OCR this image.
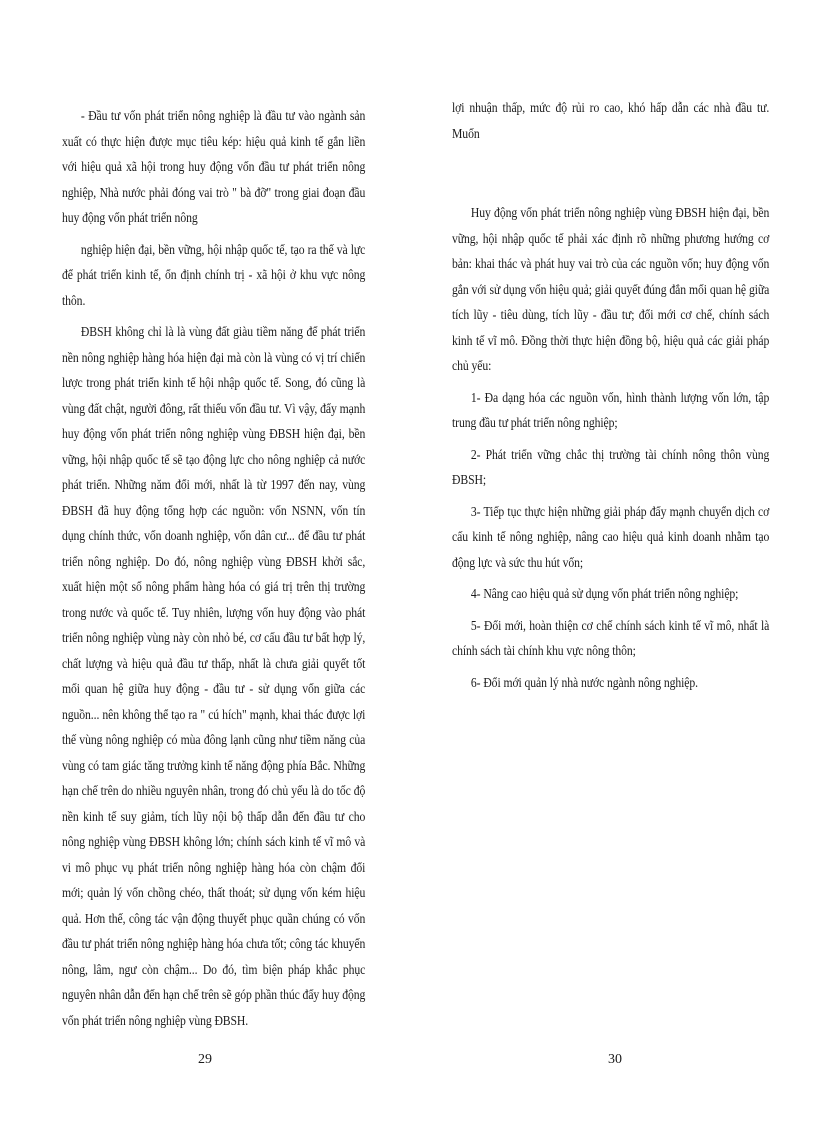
- Đầu tư vốn phát triển nông nghiệp là đầu tư vào ngành sản xuất có thực hiện được mục tiêu kép: hiệu quả kinh tế gắn liền với hiệu quả xã hội trong huy động vốn đầu tư phát triển nông nghiệp, Nhà nước phải đóng vai trò " bà đỡ" trong giai đoạn đầu huy động vốn phát triển nông

nghiệp hiện đại, bền vững, hội nhập quốc tế, tạo ra thế và lực để phát triển kinh tế, ổn định chính trị - xã hội ở khu vực nông thôn.

ĐBSH không chỉ là là vùng đất giàu tiềm năng để phát triển nền nông nghiệp hàng hóa hiện đại mà còn là vùng có vị trí chiến lược trong phát triển kinh tế hội nhập quốc tế. Song, đó cũng là vùng đất chật, người đông, rất thiếu vốn đầu tư. Vì vậy, đẩy mạnh huy động vốn phát triển nông nghiệp vùng ĐBSH hiện đại, bền vững, hội nhập quốc tế sẽ tạo động lực cho nông nghiệp cả nước phát triển. Những năm đổi mới, nhất là từ 1997 đến nay, vùng ĐBSH đã huy động tổng hợp các nguồn: vốn NSNN, vốn tín dụng chính thức, vốn doanh nghiệp, vốn dân cư... để đầu tư phát triển nông nghiệp. Do đó, nông nghiệp vùng ĐBSH khởi sắc, xuất hiện một số nông phẩm hàng hóa có giá trị trên thị trường trong nước và quốc tế. Tuy nhiên, lượng vốn huy động vào phát triển nông nghiệp vùng này còn nhỏ bé, cơ cấu đầu tư bất hợp lý, chất lượng và hiệu quả đầu tư thấp, nhất là chưa giải quyết tốt mối quan hệ giữa huy động - đầu tư - sử dụng vốn giữa các nguồn... nên không thể tạo ra " cú hích" mạnh, khai thác được lợi thế vùng nông nghiệp có mùa đông lạnh cũng như tiềm năng của vùng có tam giác tăng trưởng kinh tế năng động phía Bắc. Những hạn chế trên do nhiều nguyên nhân, trong đó chủ yếu là do tốc độ nền kinh tế suy giảm, tích lũy nội bộ thấp dẫn đến đầu tư cho nông nghiệp vùng ĐBSH không lớn; chính sách kinh tế vĩ mô và vi mô phục vụ phát triển nông nghiệp hàng hóa còn chậm đổi mới; quản lý vốn chồng chéo, thất thoát; sử dụng vốn kém hiệu quả. Hơn thế, công tác vận động thuyết phục quần chúng có vốn đầu tư phát triển nông nghiệp hàng hóa chưa tốt; công tác khuyến nông, lâm, ngư còn chậm... Do đó, tìm biện pháp khắc phục nguyên nhân dẫn đến hạn chế trên sẽ góp phần thúc đẩy huy động vốn phát triển nông nghiệp vùng ĐBSH.

lợi nhuận thấp, mức độ rủi ro cao, khó hấp dẫn các nhà đầu tư. Muốn

Huy động vốn phát triển nông nghiệp vùng ĐBSH hiện đại, bền vững, hội nhập quốc tế phải xác định rõ những phương hướng cơ bản: khai thác và phát huy vai trò của các nguồn vốn; huy động vốn gắn với sử dụng vốn hiệu quả; giải quyết đúng đắn mối quan hệ giữa tích lũy - tiêu dùng, tích lũy - đầu tư; đổi mới cơ chế, chính sách kinh tế vĩ mô. Đồng thời thực hiện đồng bộ, hiệu quả các giải pháp chủ yếu:

1- Đa dạng hóa các nguồn vốn, hình thành lượng vốn lớn, tập trung đầu tư phát triển nông nghiệp;

2- Phát triển vững chắc thị trường tài chính nông thôn vùng ĐBSH;

3- Tiếp tục thực hiện những giải pháp đẩy mạnh chuyển dịch cơ cấu kinh tế nông nghiệp, nâng cao hiệu quả kinh doanh nhằm tạo động lực và sức thu hút vốn;

4- Nâng cao hiệu quả sử dụng vốn phát triển nông nghiệp;

5- Đổi mới, hoàn thiện cơ chế chính sách kinh tế vĩ mô, nhất là chính sách tài chính khu vực nông thôn;

6- Đổi mới quản lý nhà nước ngành nông nghiệp.

29	30
